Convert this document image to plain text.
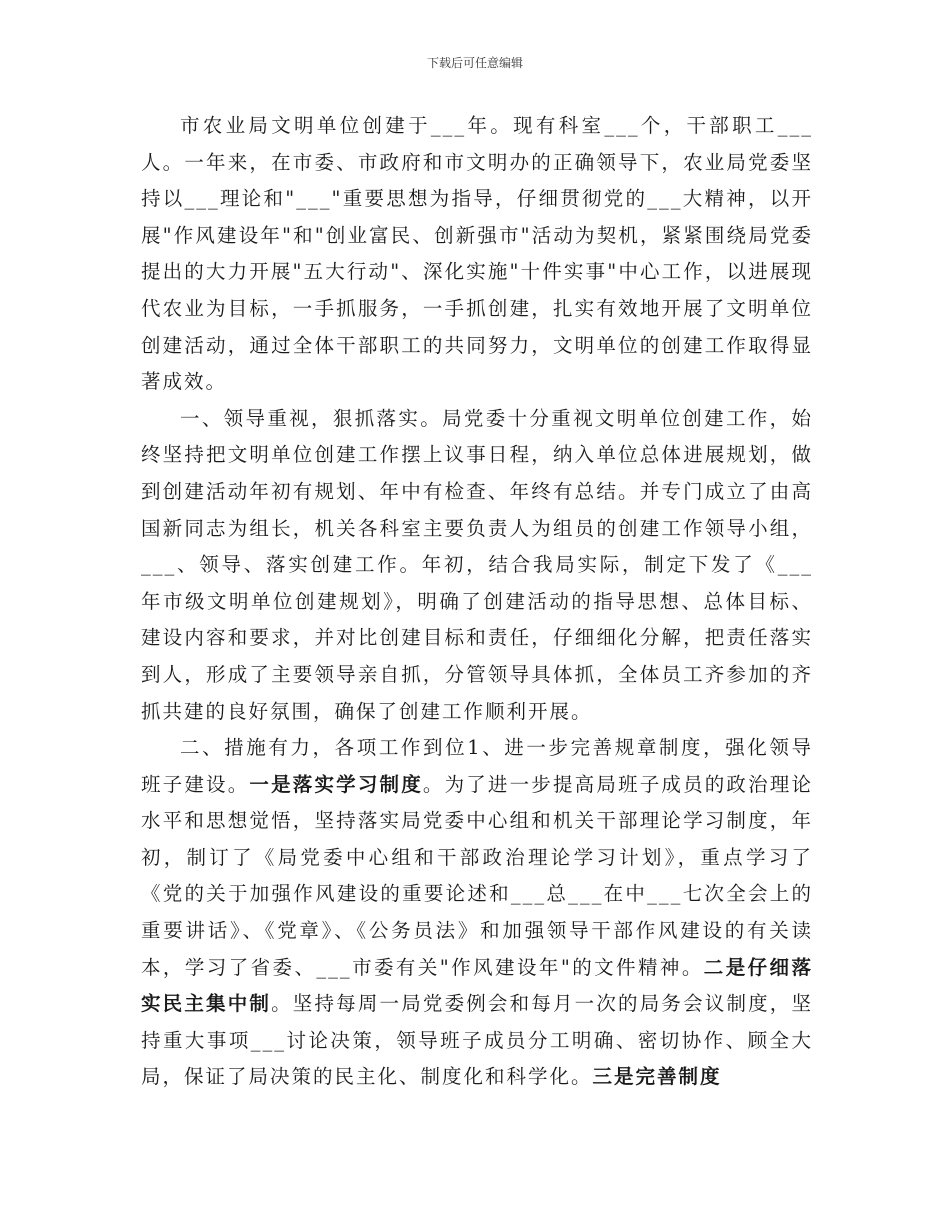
下载后可任意编辑

市农业局文明单位创建于___年。现有科室___个，干部职工___人。一年来，在市委、市政府和市文明办的正确领导下，农业局党委坚持以___理论和"___"重要思想为指导，仔细贯彻党的___大精神，以开展"作风建设年"和"创业富民、创新强市"活动为契机，紧紧围绕局党委提出的大力开展"五大行动"、深化实施"十件实事"中心工作，以进展现代农业为目标，一手抓服务，一手抓创建，扎实有效地开展了文明单位创建活动，通过全体干部职工的共同努力，文明单位的创建工作取得显著成效。

一、领导重视，狠抓落实。局党委十分重视文明单位创建工作，始终坚持把文明单位创建工作摆上议事日程，纳入单位总体进展规划，做到创建活动年初有规划、年中有检查、年终有总结。并专门成立了由高国新同志为组长，机关各科室主要负责人为组员的创建工作领导小组，___、领导、落实创建工作。年初，结合我局实际，制定下发了《___年市级文明单位创建规划》，明确了创建活动的指导思想、总体目标、建设内容和要求，并对比创建目标和责任，仔细细化分解，把责任落实到人，形成了主要领导亲自抓，分管领导具体抓，全体员工齐参加的齐抓共建的良好氛围，确保了创建工作顺利开展。

二、措施有力，各项工作到位1、进一步完善规章制度，强化领导班子建设。一是落实学习制度。为了进一步提高局班子成员的政治理论水平和思想觉悟，坚持落实局党委中心组和机关干部理论学习制度，年初，制订了《局党委中心组和干部政治理论学习计划》，重点学习了《党的关于加强作风建设的重要论述和___总___在中___七次全会上的重要讲话》、《党章》、《公务员法》和加强领导干部作风建设的有关读本，学习了省委、___市委有关"作风建设年"的文件精神。二是仔细落实民主集中制。坚持每周一局党委例会和每月一次的局务会议制度，坚持重大事项___讨论决策，领导班子成员分工明确、密切协作、顾全大局，保证了局决策的民主化、制度化和科学化。三是完善制度
